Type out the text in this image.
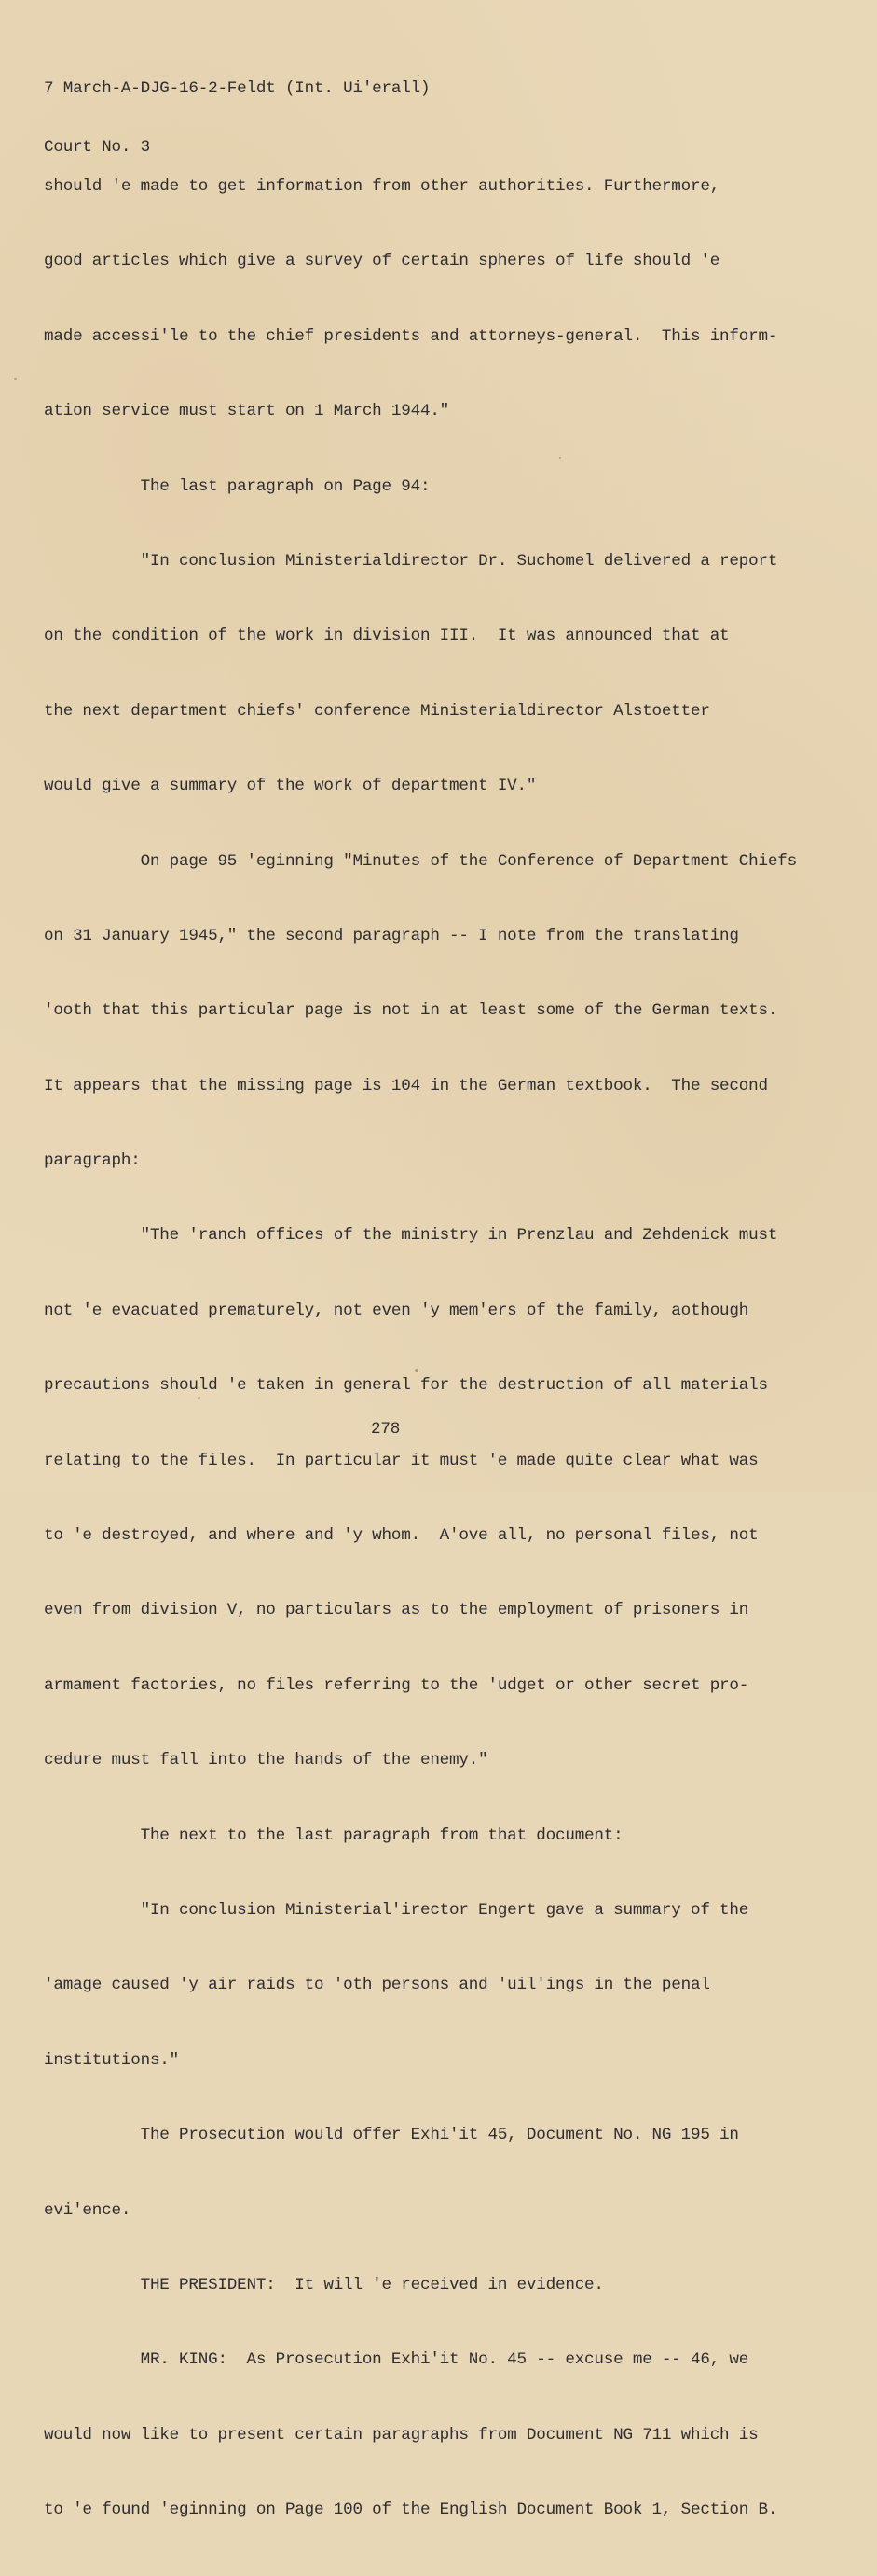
7 March-A-DJG-16-2-Feldt (Int. Ui'erall)

Court No. 3

should 'e made to get information from other authorities. Furthermore,

good articles which give a survey of certain spheres of life should 'e

made accessi'le to the chief presidents and attorneys-general.  This inform-

ation service must start on 1 March 1944."

The last paragraph on Page 94:

"In conclusion Ministerialdirector Dr. Suchomel delivered a report

on the condition of the work in division III.  It was announced that at

the next department chiefs' conference Ministerialdirector Alstoetter

would give a summary of the work of department IV."

On page 95 'eginning "Minutes of the Conference of Department Chiefs

on 31 January 1945," the second paragraph -- I note from the translating

'ooth that this particular page is not in at least some of the German texts.

It appears that the missing page is 104 in the German textbook.  The second

paragraph:

"The 'ranch offices of the ministry in Prenzlau and Zehdenick must

not 'e evacuated prematurely, not even 'y mem'ers of the family, aothough

precautions should 'e taken in general for the destruction of all materials

relating to the files.  In particular it must 'e made quite clear what was

to 'e destroyed, and where and 'y whom.  A'ove all, no personal files, not

even from division V, no particulars as to the employment of prisoners in

armament factories, no files referring to the 'udget or other secret pro-

cedure must fall into the hands of the enemy."

The next to the last paragraph from that document:

"In conclusion Ministerial'irector Engert gave a summary of the

'amage caused 'y air raids to 'oth persons and 'uil'ings in the penal

institutions."

The Prosecution would offer Exhi'it 45, Document No. NG 195 in

evi'ence.

THE PRESIDENT:  It will 'e received in evidence.

MR. KING:  As Prosecution Exhi'it No. 45 -- excuse me -- 46, we

would now like to present certain paragraphs from Document NG 711 which is

to 'e found 'eginning on Page 100 of the English Document Book 1, Section B.

278
